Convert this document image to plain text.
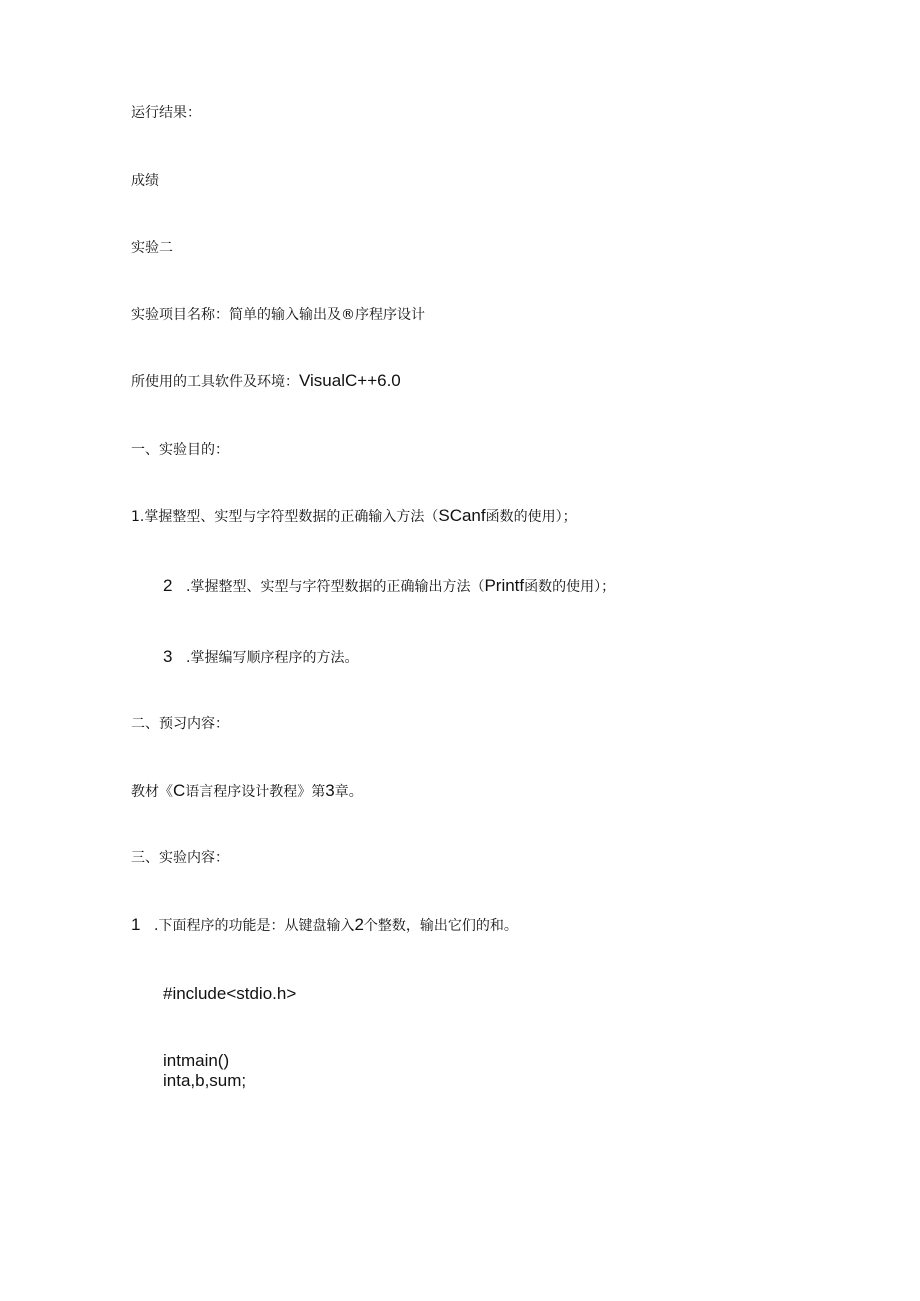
运行结果：
成绩
实验二
实验项目名称：简单的输入输出及®序程序设计
所使用的工具软件及环境：VisualC++6.0
一、实验目的：
1.掌握整型、实型与字符型数据的正确输入方法（SCanf函数的使用）；
2 .掌握整型、实型与字符型数据的正确输出方法（Printf函数的使用）；
3 .掌握编写顺序程序的方法。
二、预习内容：
教材《C语言程序设计教程》第3章。
三、实验内容：
1 .下面程序的功能是：从键盘输入2个整数，输出它们的和。
#include<stdio.h>
intmain()
inta,b,sum;
